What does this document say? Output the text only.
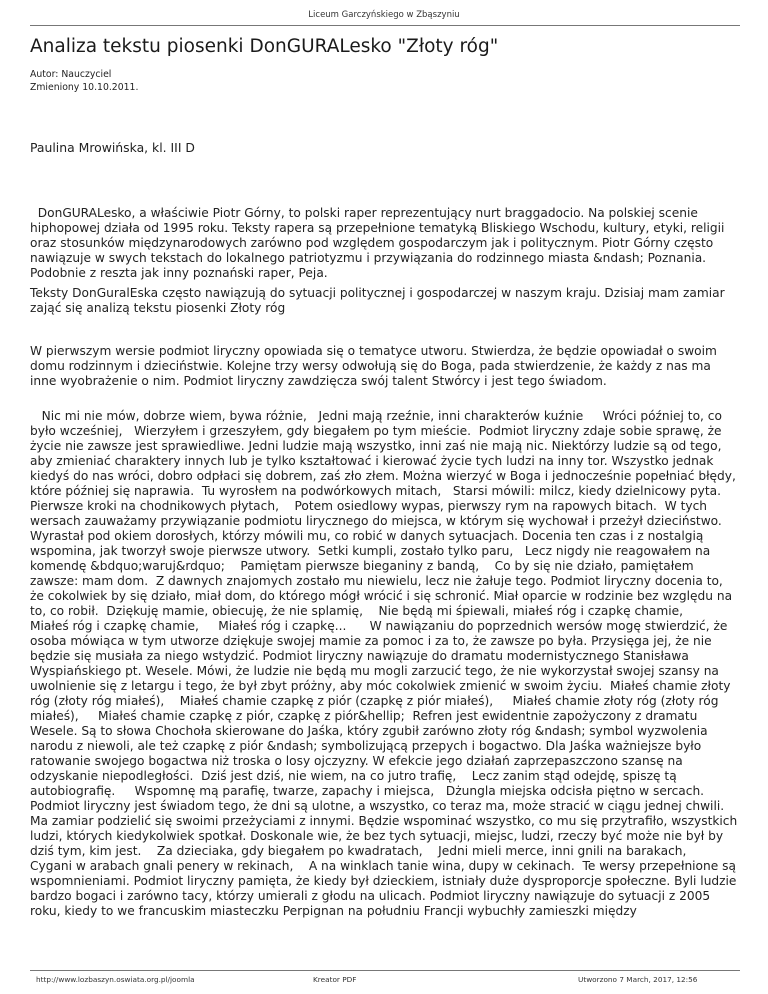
Liceum Garczyńskiego w Zbąszyniu
Analiza tekstu piosenki DonGURALesko "Złoty róg"
Autor: Nauczyciel
Zmieniony 10.10.2011.
Paulina Mrowińska, kl. III D

DonGURALesko, a właściwie Piotr Górny, to polski raper reprezentujący nurt braggadocio. Na polskiej scenie hiphopowej działa od 1995 roku. Teksty rapera są przepełnione tematyką Bliskiego Wschodu, kultury, etyki, religii oraz stosunków międzynarodowych zarówno pod względem gospodarczym jak i politycznym. Piotr Górny często nawiązuje w swych tekstach do lokalnego patriotyzmu i przywiązania do rodzinnego miasta &ndash; Poznania. Podobnie z reszta jak inny poznański raper, Peja.

Teksty DonGuralEska często nawiązują do sytuacji politycznej i gospodarczej w naszym kraju. Dzisiaj mam zamiar zająć się analizą tekstu piosenki Złoty róg

W pierwszym wersie podmiot liryczny opowiada się o tematyce utworu. Stwierdza, że będzie opowiadał o swoim domu rodzinnym i dzieciństwie. Kolejne trzy wersy odwołują się do Boga, pada stwierdzenie, że każdy z nas ma inne wyobrażenie o nim. Podmiot liryczny zawdzięcza swój talent Stwórcy i jest tego świadom.

Nic mi nie mów, dobrze wiem, bywa różnie,   Jedni mają rzeźnie, inni charakterów kuźnie     Wróci później to, co było wcześniej,   Wierzyłem i grzeszyłem, gdy biegałem po tym mieście.  Podmiot liryczny zdaje sobie sprawę, że życie nie zawsze jest sprawiedliwe. Jedni ludzie mają wszystko, inni zaś nie mają nic. Niektórzy ludzie są od tego, aby zmieniać charaktery innych lub je tylko kształtować i kierować życie tych ludzi na inny tor. Wszystko jednak kiedyś do nas wróci, dobro odpłaci się dobrem, zaś zło złem. Można wierzyć w Boga i jednocześnie popełniać błędy, które później się naprawia.  Tu wyrosłem na podwórkowych mitach,   Starsi mówili: milcz, kiedy dzielnicowy pyta.    Pierwsze kroki na chodnikowych płytach,    Potem osiedlowy wypas, pierwszy rym na rapowych bitach.  W tych wersach zauważamy przywiązanie podmiotu lirycznego do miejsca, w którym się wychował i przeżył dzieciństwo. Wyrastał pod okiem dorosłych, którzy mówili mu, co robić w danych sytuacjach. Docenia ten czas i z nostalgią wspomina, jak tworzył swoje pierwsze utwory.  Setki kumpli, zostało tylko paru,   Lecz nigdy nie reagowałem na komendę &bdquo;waruj&rdquo;    Pamiętam pierwsze bieganiny z bandą,    Co by się nie działo, pamiętałem zawsze: mam dom.  Z dawnych znajomych zostało mu niewielu, lecz nie żałuje tego. Podmiot liryczny docenia to, że cokolwiek by się działo, miał dom, do którego mógł wrócić i się schronić. Miał oparcie w rodzinie bez względu na to, co robił.  Dziękuję mamie, obiecuję, że nie splamię,    Nie będą mi śpiewali, miałeś róg i czapkę chamie,     Miałeś róg i czapkę chamie,     Miałeś róg i czapkę...      W nawiązaniu do poprzednich wersów mogę stwierdzić, że osoba mówiąca w tym utworze dziękuje swojej mamie za pomoc i za to, że zawsze po była. Przysięga jej, że nie będzie się musiała za niego wstydzić. Podmiot liryczny nawiązuje do dramatu modernistycznego Stanisława Wyspiańskiego pt. Wesele. Mówi, że ludzie nie będą mu mogli zarzucić tego, że nie wykorzystał swojej szansy na uwolnienie się z letargu i tego, że był zbyt próżny, aby móc cokolwiek zmienić w swoim życiu.  Miałeś chamie złoty róg (złoty róg miałeś),    Miałeś chamie czapkę z piór (czapkę z piór miałeś),     Miałeś chamie złoty róg (złoty róg miałeś),     Miałeś chamie czapkę z piór, czapkę z piór&hellip;  Refren jest ewidentnie zapożyczony z dramatu Wesele. Są to słowa Chochoła skierowane do Jaśka, który zgubił zarówno złoty róg &ndash; symbol wyzwolenia narodu z niewoli, ale też czapkę z piór &ndash; symbolizującą przepych i bogactwo. Dla Jaśka ważniejsze było ratowanie swojego bogactwa niż troska o losy ojczyzny. W efekcie jego działań zaprzepaszczono szansę na odzyskanie niepodległości.  Dziś jest dziś, nie wiem, na co jutro trafię,    Lecz zanim stąd odejdę, spiszę tą autobiografię.     Wspomnę mą parafię, twarze, zapachy i miejsca,   Dżungla miejska odcisła piętno w sercach.  Podmiot liryczny jest świadom tego, że dni są ulotne, a wszystko, co teraz ma, może stracić w ciągu jednej chwili. Ma zamiar podzielić się swoimi przeżyciami z innymi. Będzie wspominać wszystko, co mu się przytrafiło, wszystkich ludzi, których kiedykolwiek spotkał. Doskonale wie, że bez tych sytuacji, miejsc, ludzi, rzeczy być może nie był by dziś tym, kim jest.    Za dzieciaka, gdy biegałem po kwadratach,    Jedni mieli merce, inni gnili na barakach,      Cygani w arabach gnali penery w rekinach,    A na winklach tanie wina, dupy w cekinach.  Te wersy przepełnione są wspomnieniami. Podmiot liryczny pamięta, że kiedy był dzieckiem, istniały duże dysproporcje społeczne. Byli ludzie bardzo bogaci i zarówno tacy, którzy umierali z głodu na ulicach. Podmiot liryczny nawiązuje do sytuacji z 2005 roku, kiedy to we francuskim miasteczku Perpignan na południu Francji wybuchły zamieszki między

http://www.lozbaszyn.oswiata.org.pl/joomla	Kreator PDF	Utworzono 7 March, 2017, 12:56
